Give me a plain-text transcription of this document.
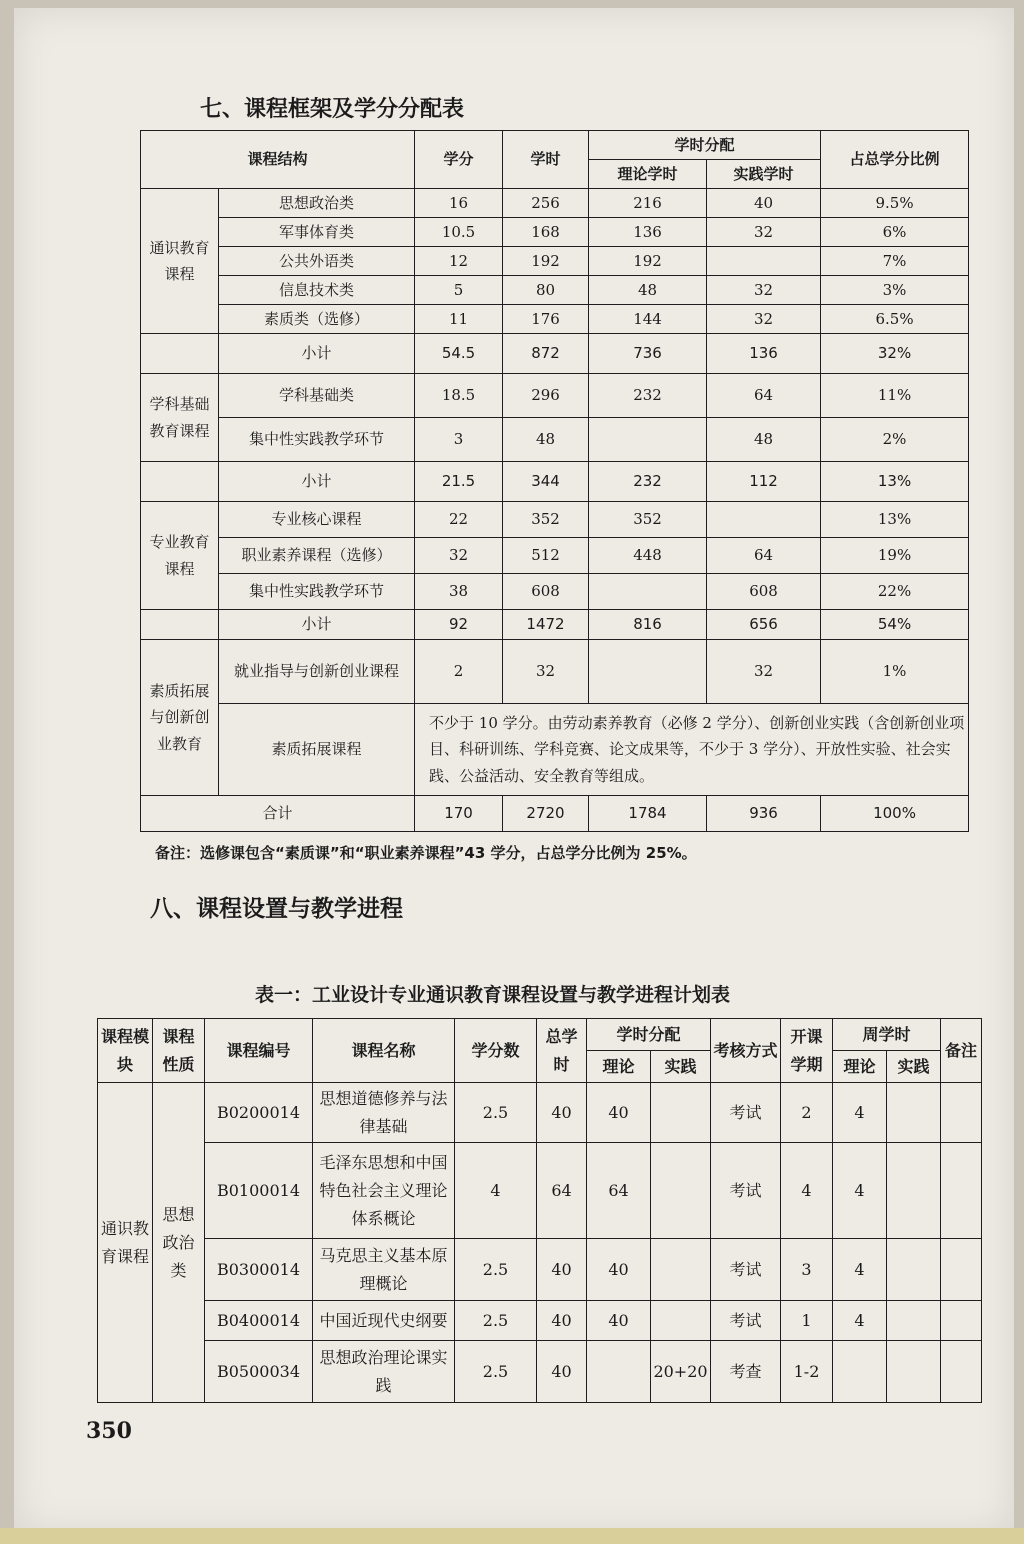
七、课程框架及学分分配表
课程结构		学分	学时	学时分配		占总学分比例
				理论学时	实践学时	
通识教育课程	思想政治类	16	256	216	40	9.5%
	军事体育类	10.5	168	136	32	6%
	公共外语类	12	192	192		7%
	信息技术类	5	80	48	32	3%
	素质类（选修）	11	176	144	32	6.5%
	小计	54.5	872	736	136	32%
学科基础教育课程	学科基础类	18.5	296	232	64	11%
	集中性实践教学环节	3	48		48	2%
	小计	21.5	344	232	112	13%
专业教育课程	专业核心课程	22	352	352		13%
	职业素养课程（选修）	32	512	448	64	19%
	集中性实践教学环节	38	608		608	22%
	小计	92	1472	816	656	54%
素质拓展与创新创业教育	就业指导与创新创业课程	2	32		32	1%
	素质拓展课程	不少于 10 学分。由劳动素养教育（必修 2 学分）、创新创业实践（含创新创业项目、科研训练、学科竞赛、论文成果等，不少于 3 学分）、开放性实验、社会实践、公益活动、安全教育等组成。				
合计		170	2720	1784	936	100%
备注：选修课包含“素质课”和“职业素养课程”43 学分，占总学分比例为 25%。
八、课程设置与教学进程
表一：工业设计专业通识教育课程设置与教学进程计划表
课程模块	课程性质	课程编号	课程名称	学分数	总学时	学时分配		考核方式	开课学期	周学时		备注
						理论	实践			理论	实践	
通识教育课程	思想政治类	B0200014	思想道德修养与法律基础	2.5	40	40		考试	2	4		
		B0100014	毛泽东思想和中国特色社会主义理论体系概论	4	64	64		考试	4	4		
		B0300014	马克思主义基本原理概论	2.5	40	40		考试	3	4		
		B0400014	中国近现代史纲要	2.5	40	40		考试	1	4		
		B0500034	思想政治理论课实践	2.5	40		20+20	考查	1-2			
350
